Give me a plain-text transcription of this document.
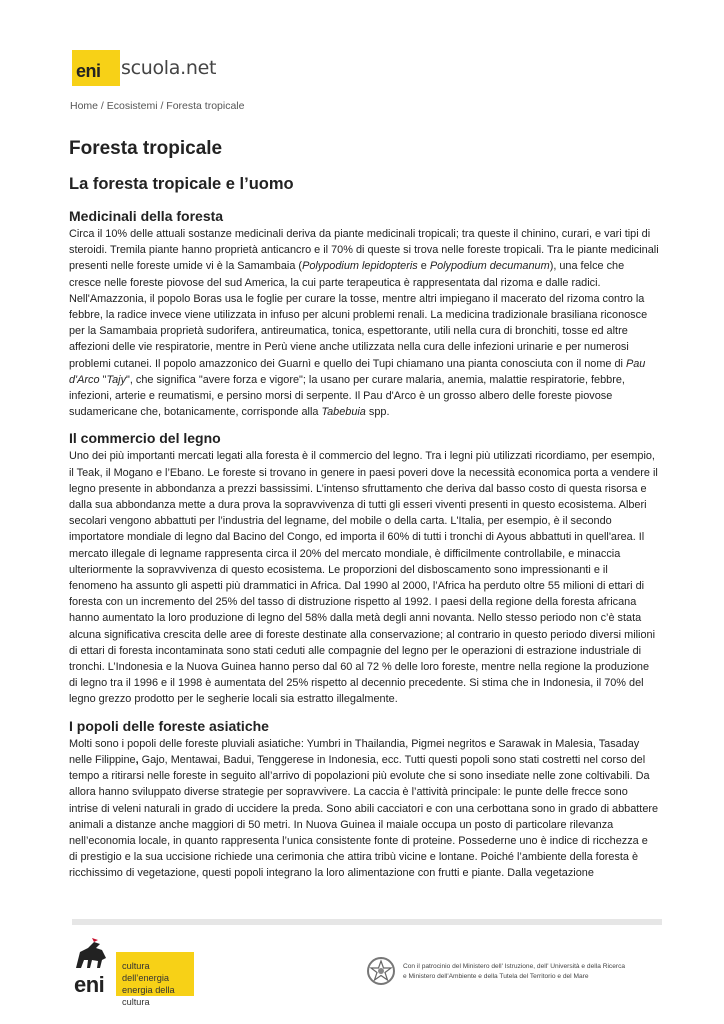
eni scuola.net
Home / Ecosistemi / Foresta tropicale
Foresta tropicale
La foresta tropicale e l’uomo
Medicinali della foresta

Circa il 10% delle attuali sostanze medicinali deriva da piante medicinali tropicali; tra queste il chinino, curari, e vari tipi di steroidi. Tremila piante hanno proprietà anticancro e il 70% di queste si trova nelle foreste tropicali. Tra le piante medicinali presenti nelle foreste umide vi è la Samambaia (Polypodium lepidopteris e Polypodium decumanum), una felce che cresce nelle foreste piovose del sud America, la cui parte terapeutica è rappresentata dal rizoma e dalle radici. Nell'Amazzonia, il popolo Boras usa le foglie per curare la tosse, mentre altri impiegano il macerato del rizoma contro la febbre, la radice invece viene utilizzata in infuso per alcuni problemi renali. La medicina tradizionale brasiliana riconosce per la Samambaia proprietà sudorifera, antireumatica, tonica, espettorante, utili nella cura di bronchiti, tosse ed altre affezioni delle vie respiratorie, mentre in Perù viene anche utilizzata nella cura delle infezioni urinarie e per numerosi problemi cutanei. Il popolo amazzonico dei Guarnì e quello dei Tupi chiamano una pianta conosciuta con il nome di Pau d'Arco "Tajy", che significa "avere forza e vigore"; la usano per curare malaria, anemia, malattie respiratorie, febbre, infezioni, arterie e reumatismi, e persino morsi di serpente. Il Pau d'Arco è un grosso albero delle foreste piovose sudamericane che, botanicamente, corrisponde alla Tabebuia spp.

Il commercio del legno

Uno dei più importanti mercati legati alla foresta è il commercio del legno. Tra i legni più utilizzati ricordiamo, per esempio, il Teak, il Mogano e l’Ebano. Le foreste si trovano in genere in paesi poveri dove la necessità economica porta a vendere il legno presente in abbondanza a prezzi bassissimi. L’intenso sfruttamento che deriva dal basso costo di questa risorsa e dalla sua abbondanza mette a dura prova la sopravvivenza di tutti gli esseri viventi presenti in questo ecosistema. Alberi secolari vengono abbattuti per l’industria del legname, del mobile o della carta. L'Italia, per esempio, è il secondo importatore mondiale di legno dal Bacino del Congo, ed importa il 60% di tutti i tronchi di Ayous abbattuti in quell'area. Il mercato illegale di legname rappresenta circa il 20% del mercato mondiale, è difficilmente controllabile, e minaccia ulteriormente la sopravvivenza di questo ecosistema. Le proporzioni del disboscamento sono impressionanti e il fenomeno ha assunto gli aspetti più drammatici in Africa. Dal 1990 al 2000, l’Africa ha perduto oltre 55 milioni di ettari di foresta con un incremento del 25% del tasso di distruzione rispetto al 1992. I paesi della regione della foresta africana hanno aumentato la loro produzione di legno del 58% dalla metà degli anni novanta. Nello stesso periodo non c’è stata alcuna significativa crescita delle aree di foreste destinate alla conservazione; al contrario in questo periodo diversi milioni di ettari di foresta incontaminata sono stati ceduti alle compagnie del legno per le operazioni di estrazione industriale di tronchi. L’Indonesia e la Nuova Guinea hanno perso dal 60 al 72 % delle loro foreste, mentre nella regione la produzione di legno tra il 1996 e il 1998 è aumentata del 25% rispetto al decennio precedente. Si stima che in Indonesia, il 70% del legno grezzo prodotto per le segherie locali sia estratto illegalmente.

I popoli delle foreste asiatiche

Molti sono i popoli delle foreste pluviali asiatiche: Yumbri in Thailandia, Pigmei negritos e Sarawak in Malesia, Tasaday nelle Filippine, Gajo, Mentawai, Badui, Tenggerese in Indonesia, ecc. Tutti questi popoli sono stati costretti nel corso del tempo a ritirarsi nelle foreste in seguito all’arrivo di popolazioni più evolute che si sono insediate nelle zone coltivabili. Da allora hanno sviluppato diverse strategie per sopravvivere. La caccia è l’attività principale: le punte delle frecce sono intrise di veleni naturali in grado di uccidere la preda. Sono abili cacciatori e con una cerbottana sono in grado di abbattere animali a distanze anche maggiori di 50 metri. In Nuova Guinea il maiale occupa un posto di particolare rilevanza nell’economia locale, in quanto rappresenta l’unica consistente fonte di proteine. Possederne uno è indice di ricchezza e di prestigio e la sua uccisione richiede una cerimonia che attira tribù vicine e lontane. Poiché l’ambiente della foresta è ricchissimo di vegetazione, questi popoli integrano la loro alimentazione con frutti e piante. Dalla vegetazione

eni
cultura dell’energia
energia della cultura
Con il patrocinio del Ministero dell' Istruzione, dell' Università e della Ricerca
e Ministero dell'Ambiente e della Tutela del Territorio e del Mare
